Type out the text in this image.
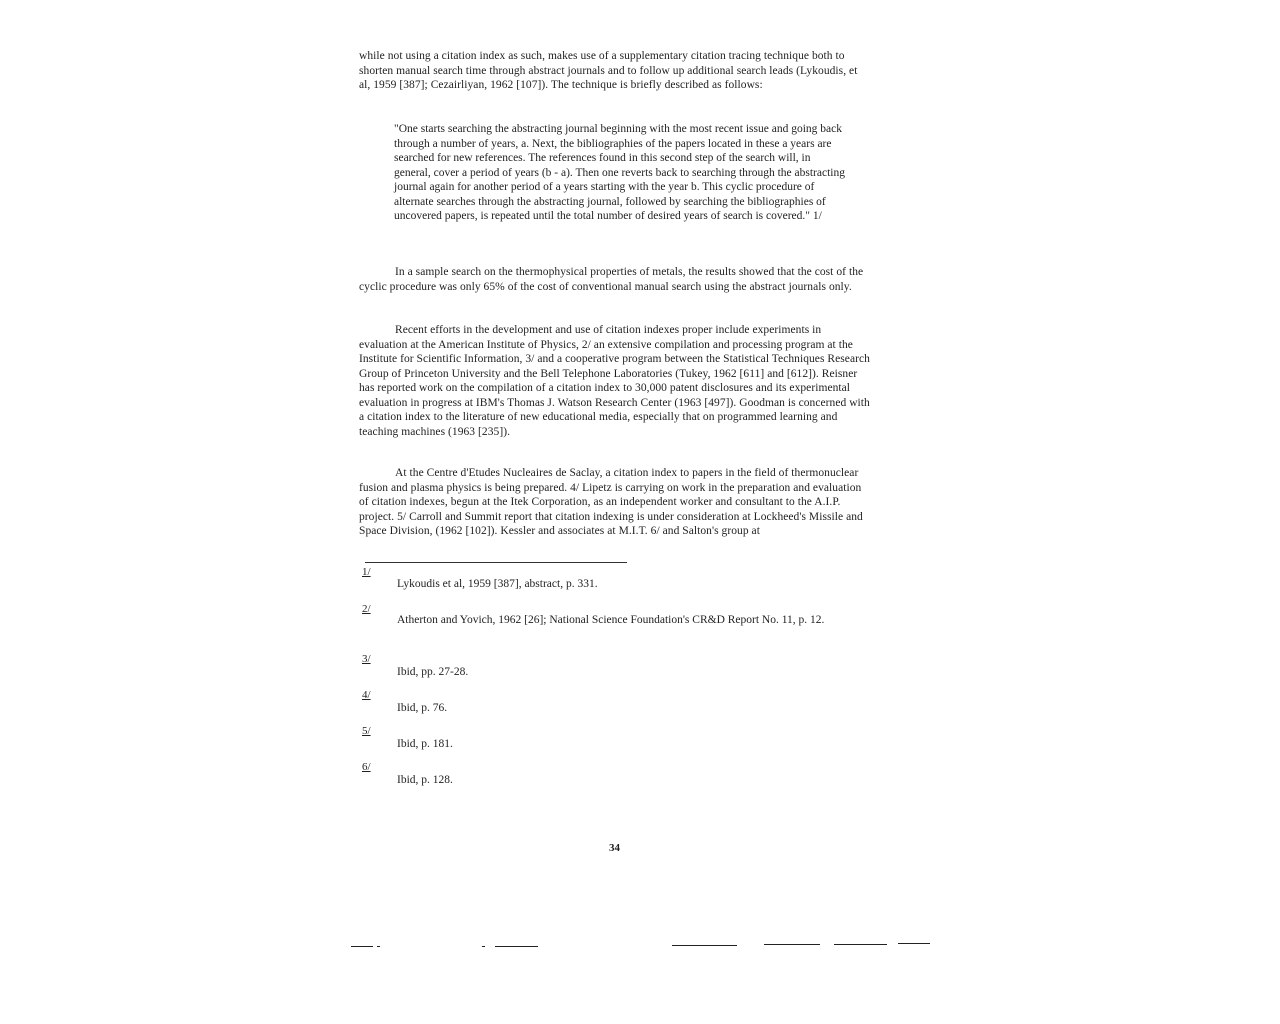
while not using a citation index as such, makes use of a supplementary citation tracing technique both to shorten manual search time through abstract journals and to follow up additional search leads (Lykoudis, et al, 1959 [387]; Cezairliyan, 1962 [107]). The technique is briefly described as follows:
"One starts searching the abstracting journal beginning with the most recent issue and going back through a number of years, a. Next, the bibliographies of the papers located in these a years are searched for new references. The references found in this second step of the search will, in general, cover a period of years (b - a). Then one reverts back to searching through the abstracting journal again for another period of a years starting with the year b. This cyclic procedure of alternate searches through the abstracting journal, followed by searching the bibliographies of uncovered papers, is repeated until the total number of desired years of search is covered." 1/
In a sample search on the thermophysical properties of metals, the results showed that the cost of the cyclic procedure was only 65% of the cost of conventional manual search using the abstract journals only.
Recent efforts in the development and use of citation indexes proper include experiments in evaluation at the American Institute of Physics, 2/ an extensive compilation and processing program at the Institute for Scientific Information, 3/ and a cooperative program between the Statistical Techniques Research Group of Princeton University and the Bell Telephone Laboratories (Tukey, 1962 [611] and [612]). Reisner has reported work on the compilation of a citation index to 30,000 patent disclosures and its experimental evaluation in progress at IBM's Thomas J. Watson Research Center (1963 [497]). Goodman is concerned with a citation index to the literature of new educational media, especially that on programmed learning and teaching machines (1963 [235]).
At the Centre d'Etudes Nucleaires de Saclay, a citation index to papers in the field of thermonuclear fusion and plasma physics is being prepared. 4/ Lipetz is carrying on work in the preparation and evaluation of citation indexes, begun at the Itek Corporation, as an independent worker and consultant to the A.I.P. project. 5/ Carroll and Summit report that citation indexing is under consideration at Lockheed's Missile and Space Division, (1962 [102]). Kessler and associates at M.I.T. 6/ and Salton's group at
1/
Lykoudis et al, 1959 [387], abstract, p. 331.
2/
Atherton and Yovich, 1962 [26]; National Science Foundation's CR&D Report No. 11, p. 12.
3/
Ibid, pp. 27-28.
4/
Ibid, p. 76.
5/
Ibid, p. 181.
6/
Ibid, p. 128.
34
